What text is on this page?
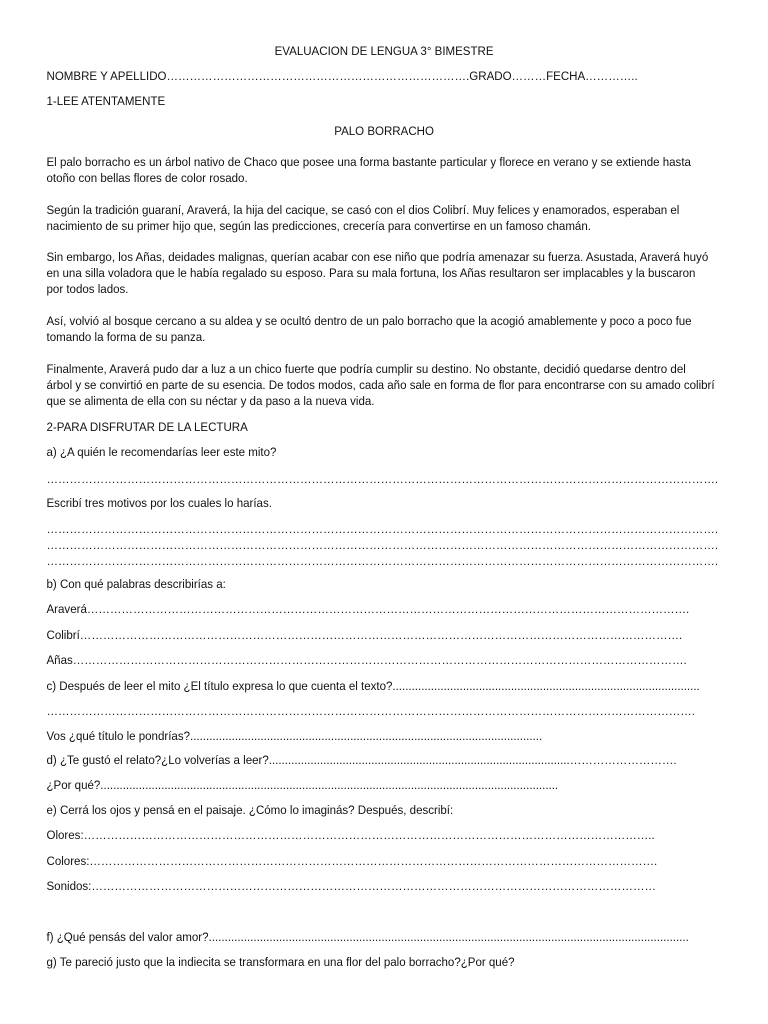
EVALUACION DE LENGUA 3° BIMESTRE
NOMBRE Y APELLIDO…………………………………………………………………….GRADO………FECHA…………..
1-LEE ATENTAMENTE
PALO BORRACHO
El palo borracho es un árbol nativo de Chaco que posee una forma bastante particular y florece en verano y se extiende hasta
otoño con bellas flores de color rosado.
Según la tradición guaraní, Araverá, la hija del cacique, se casó con el dios Colibrí. Muy felices y enamorados, esperaban el
nacimiento de su primer hijo que, según las predicciones, crecería para convertirse en un famoso chamán.
Sin embargo, los Añas, deidades malignas, querían acabar con ese niño que podría amenazar su fuerza. Asustada, Araverá huyó
en una silla voladora que le había regalado su esposo. Para su mala fortuna, los Añas resultaron ser implacables y la buscaron
por todos lados.
Así, volvió al bosque cercano a su aldea y se ocultó dentro de un palo borracho que la acogió amablemente y poco a poco fue
tomando la forma de su panza.
Finalmente, Araverá pudo dar a luz a un chico fuerte que podría cumplir su destino. No obstante, decidió quedarse dentro del
árbol y se convirtió en parte de su esencia. De todos modos, cada año sale en forma de flor para encontrarse con su amado colibrí
que se alimenta de ella con su néctar y da paso a la nueva vida.
2-PARA DISFRUTAR DE LA LECTURA
a) ¿A quién le recomendarías leer este mito?
………………………………………………………………………………………………………………………………………………………….
Escribí tres motivos por los cuales lo harías.
………………………………………………………………………………………………………………………………………………………….
………………………………………………………………………………………………………………………………………………………….
………………………………………………………………………………………………………………………………………………………….
b) Con qué palabras describirías a:
Araverá………………………………………………………………………………………………………………………………………….
Colibrí………………………………………………………………………………………………………………………………………….
Añas…………………………………………………………………………………………………………………………………………….
c) Después de leer el mito ¿El título expresa lo que cuenta el texto?................................................................................................
…………………………………………………………………………………………………………………………………………………….
Vos ¿qué título le pondrías?..............................................................................................................
d) ¿Te gustó el relato?¿Lo volverías a leer?..............................................................................................……………………….
¿Por qué?...............................................................................................................................................
e) Cerrá los ojos y pensá en el paisaje. ¿Cómo lo imaginás? Después, describí:
Olores:…………………………………………………………………………………………………………………………………..
Colores:………………………………………………………………………………………………………………………………….
Sonidos:…………………………………………………………………………………………………………………………………
f) ¿Qué pensás del valor amor?......................................................................................................................................................
g) Te pareció justo que la indiecita se transformara en una flor del palo borracho?¿Por qué?
